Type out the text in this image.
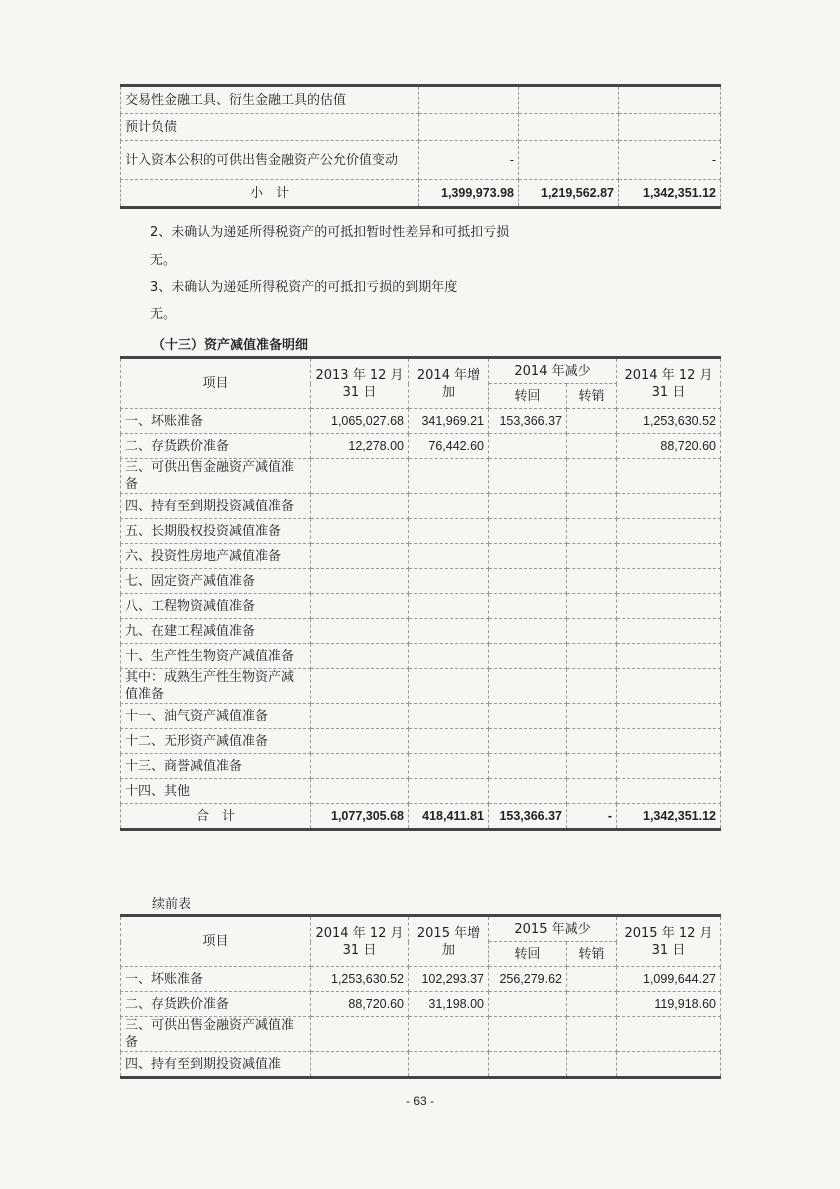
交易性金融工具、衍生金融工具的估值			
预计负债			
计入资本公积的可供出售金融资产公允价值变动	-		-
小　计	1,399,973.98	1,219,562.87	1,342,351.12
2、未确认为递延所得税资产的可抵扣暂时性差异和可抵扣亏损
无。
3、未确认为递延所得税资产的可抵扣亏损的到期年度
无。
（十三）资产减值准备明细
项目	2013 年 12 月 31 日	2014 年增加	2014 年减少		2014 年 12 月 31 日
			转回	转销	
一、坏账准备	1,065,027.68	341,969.21	153,366.37		1,253,630.52
二、存货跌价准备	12,278.00	76,442.60			88,720.60
三、可供出售金融资产减值准备					
四、持有至到期投资减值准备					
五、长期股权投资减值准备					
六、投资性房地产减值准备					
七、固定资产减值准备					
八、工程物资减值准备					
九、在建工程减值准备					
十、生产性生物资产减值准备					
其中：成熟生产性生物资产减值准备					
十一、油气资产减值准备					
十二、无形资产减值准备					
十三、商誉减值准备					
十四、其他					
合　计	1,077,305.68	418,411.81	153,366.37	-	1,342,351.12
续前表
项目	2014 年 12 月 31 日	2015 年增加	2015 年减少		2015 年 12 月 31 日
			转回	转销	
一、坏账准备	1,253,630.52	102,293.37	256,279.62		1,099,644.27
二、存货跌价准备	88,720.60	31,198.00			119,918.60
三、可供出售金融资产减值准备					
四、持有至到期投资减值准					
- 63 -
